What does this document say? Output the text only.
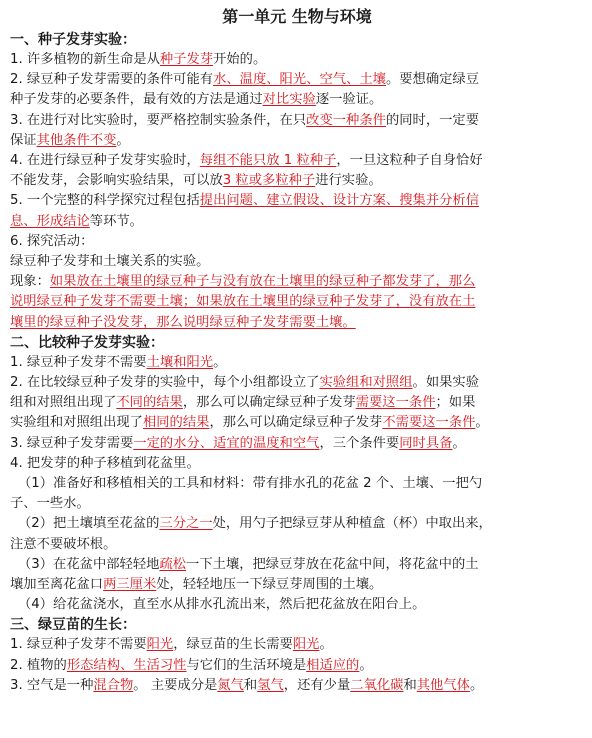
第一单元 生物与环境
一、种子发芽实验：
1. 许多植物的新生命是从种子发芽开始的。
2. 绿豆种子发芽需要的条件可能有水、温度、阳光、空气、土壤。要想确定绿豆
种子发芽的必要条件，最有效的方法是通过对比实验逐一验证。
3. 在进行对比实验时，要严格控制实验条件，在只改变一种条件的同时，一定要
保证其他条件不变。
4. 在进行绿豆种子发芽实验时，每组不能只放 1 粒种子，一旦这粒种子自身恰好
不能发芽，会影响实验结果，可以放3 粒或多粒种子进行实验。
5. 一个完整的科学探究过程包括提出问题、建立假设、设计方案、搜集并分析信
息、形成结论等环节。
6. 探究活动：
绿豆种子发芽和土壤关系的实验。
现象：如果放在土壤里的绿豆种子与没有放在土壤里的绿豆种子都发芽了，那么
说明绿豆种子发芽不需要土壤；如果放在土壤里的绿豆种子发芽了，没有放在土
壤里的绿豆种子没发芽，那么说明绿豆种子发芽需要土壤。
二、比较种子发芽实验：
1. 绿豆种子发芽不需要土壤和阳光。
2. 在比较绿豆种子发芽的实验中，每个小组都设立了实验组和对照组。如果实验
组和对照组出现了不同的结果，那么可以确定绿豆种子发芽需要这一条件；如果
实验组和对照组出现了相同的结果，那么可以确定绿豆种子发芽不需要这一条件。
3. 绿豆种子发芽需要一定的水分、适宜的温度和空气，三个条件要同时具备。
4. 把发芽的种子移植到花盆里。
（1）准备好和移植相关的工具和材料：带有排水孔的花盆 2 个、土壤、一把勺
子、一些水。
（2）把土壤填至花盆的三分之一处，用勺子把绿豆芽从种植盒（杯）中取出来，
注意不要破坏根。
（3）在花盆中部轻轻地疏松一下土壤，把绿豆芽放在花盆中间，将花盆中的土
壤加至离花盆口两三厘米处，轻轻地压一下绿豆芽周围的土壤。
（4）给花盆浇水，直至水从排水孔流出来，然后把花盆放在阳台上。
三、绿豆苗的生长：
1. 绿豆种子发芽不需要阳光，绿豆苗的生长需要阳光。
2. 植物的形态结构、生活习性与它们的生活环境是相适应的。
3. 空气是一种混合物。 主要成分是氮气和氢气，还有少量二氧化碳和其他气体。
